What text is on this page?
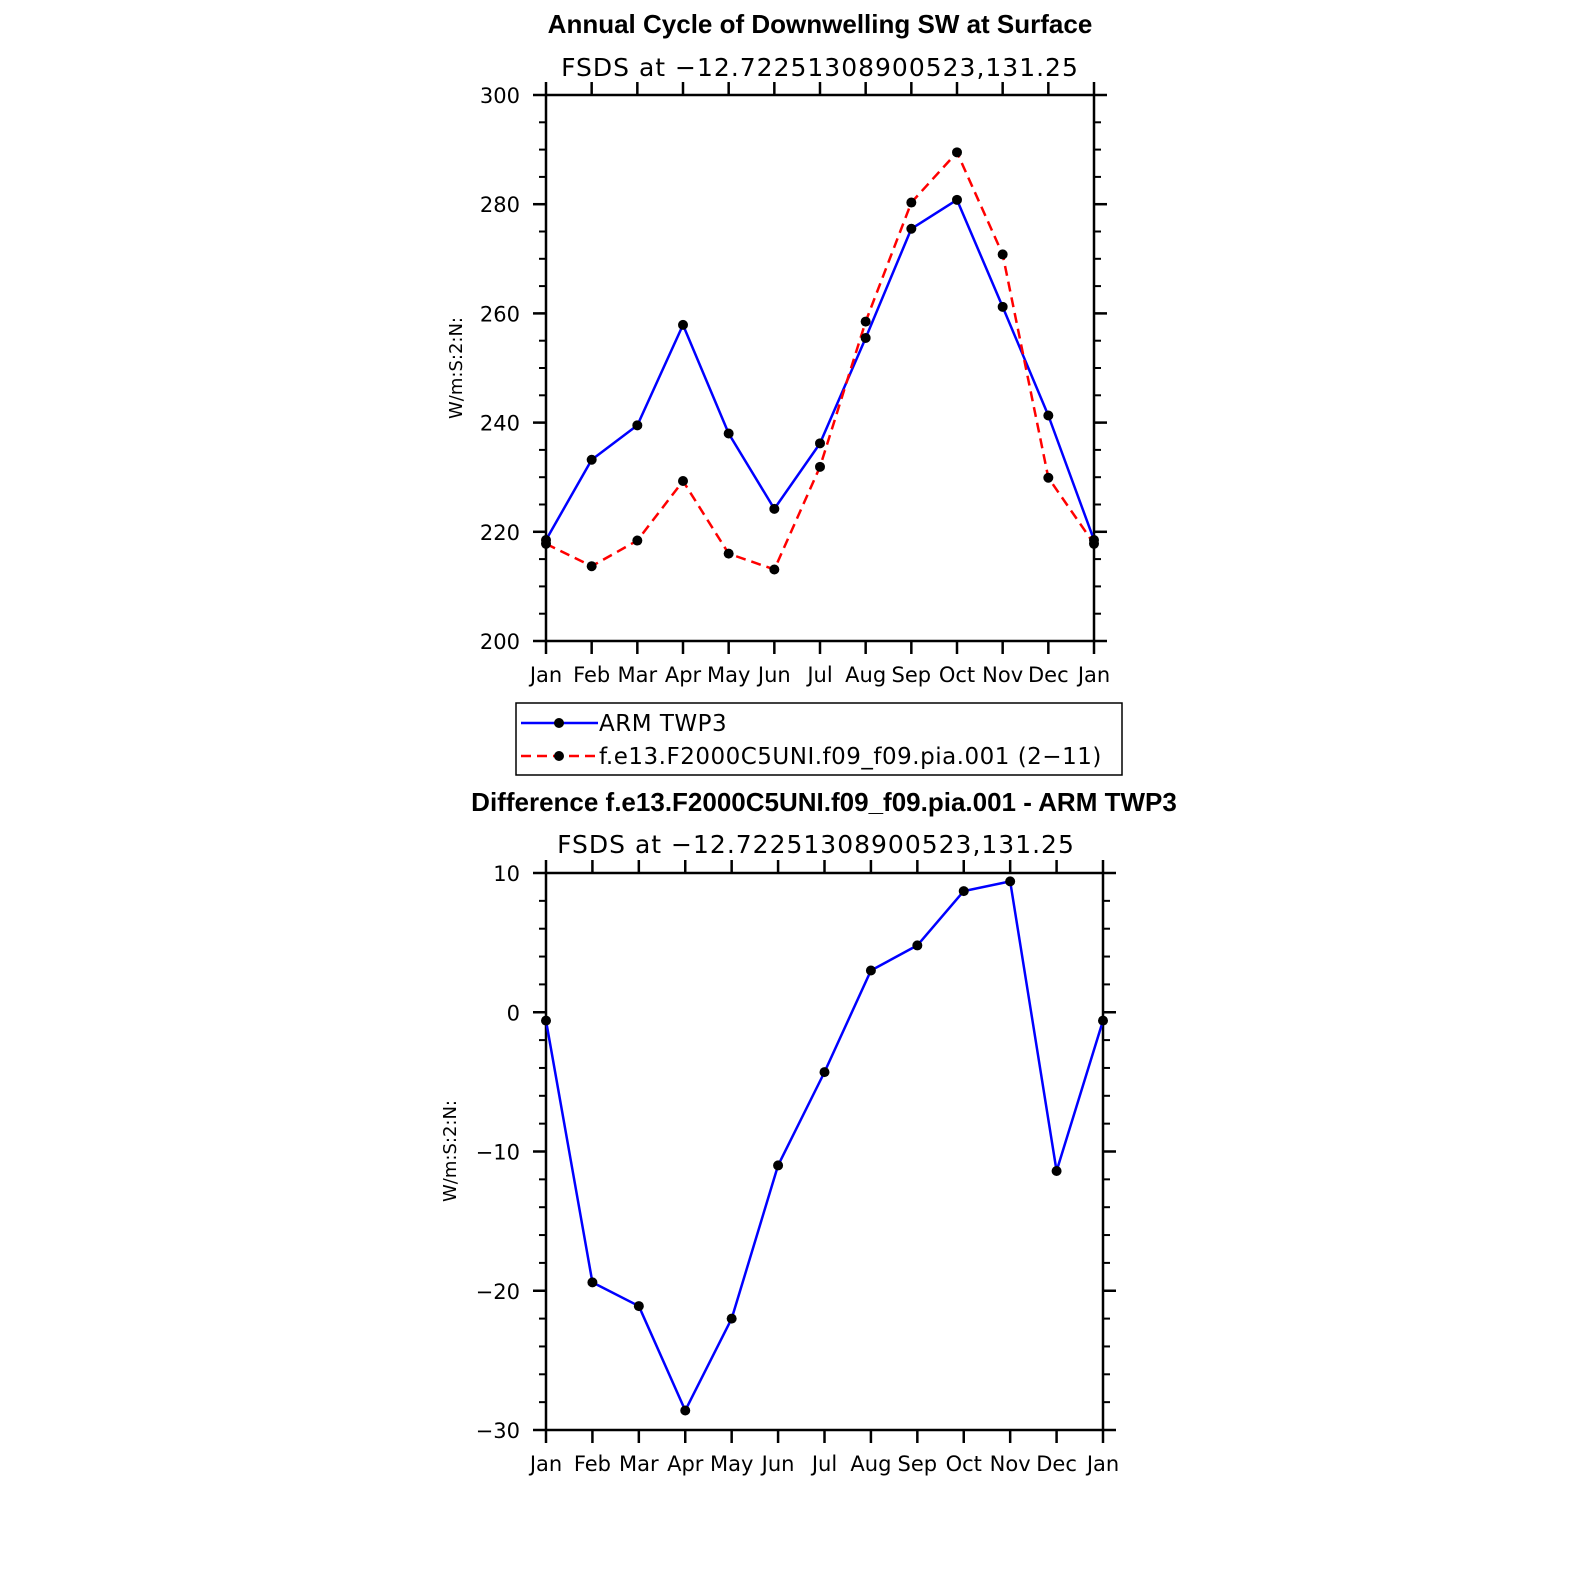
Annual Cycle of Downwelling SW at Surface
FSDS at −12.72251308900523,131.25
W/m:S:2:N:
200
220
240
260
280
300
Jan Feb Mar Apr May Jun Jul Aug Sep Oct Nov Dec Jan
ARM TWP3
f.e13.F2000C5UNI.f09_f09.pia.001 (2−11)
Difference f.e13.F2000C5UNI.f09_f09.pia.001 - ARM TWP3
FSDS at −12.72251308900523,131.25
W/m:S:2:N:
−30
−20
−10
0
10
Jan Feb Mar Apr May Jun Jul Aug Sep Oct Nov Dec Jan
